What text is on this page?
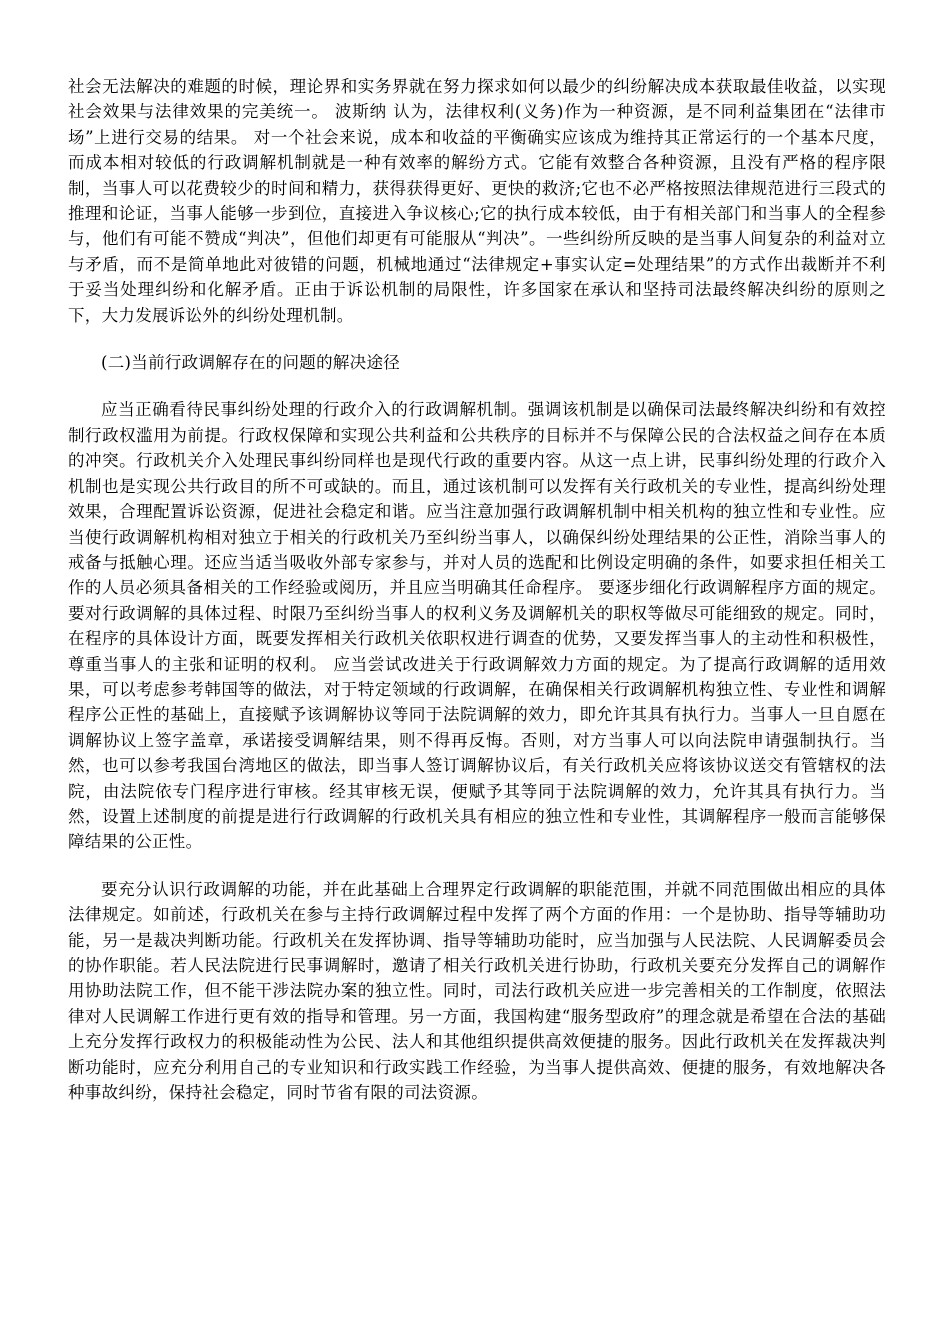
社会无法解决的难题的时候，理论界和实务界就在努力探求如何以最少的纠纷解决成本获取最佳收益，以实现社会效果与法律效果的完美统一。 波斯纳 认为，法律权利(义务)作为一种资源，是不同利益集团在“法律市场”上进行交易的结果。 对一个社会来说，成本和收益的平衡确实应该成为维持其正常运行的一个基本尺度，而成本相对较低的行政调解机制就是一种有效率的解纷方式。它能有效整合各种资源，且没有严格的程序限制，当事人可以花费较少的时间和精力，获得获得更好、更快的救济;它也不必严格按照法律规范进行三段式的推理和论证，当事人能够一步到位，直接进入争议核心;它的执行成本较低，由于有相关部门和当事人的全程参与，他们有可能不赞成“判决”，但他们却更有可能服从“判决”。一些纠纷所反映的是当事人间复杂的利益对立与矛盾，而不是简单地此对彼错的问题，机械地通过“法律规定+事实认定=处理结果”的方式作出裁断并不利于妥当处理纠纷和化解矛盾。正由于诉讼机制的局限性，许多国家在承认和坚持司法最终解决纠纷的原则之下，大力发展诉讼外的纠纷处理机制。

(二)当前行政调解存在的问题的解决途径

应当正确看待民事纠纷处理的行政介入的行政调解机制。强调该机制是以确保司法最终解决纠纷和有效控制行政权滥用为前提。行政权保障和实现公共利益和公共秩序的目标并不与保障公民的合法权益之间存在本质的冲突。行政机关介入处理民事纠纷同样也是现代行政的重要内容。从这一点上讲，民事纠纷处理的行政介入机制也是实现公共行政目的所不可或缺的。而且，通过该机制可以发挥有关行政机关的专业性，提高纠纷处理效果，合理配置诉讼资源，促进社会稳定和谐。应当注意加强行政调解机制中相关机构的独立性和专业性。应当使行政调解机构相对独立于相关的行政机关乃至纠纷当事人，以确保纠纷处理结果的公正性，消除当事人的戒备与抵触心理。还应当适当吸收外部专家参与，并对人员的选配和比例设定明确的条件，如要求担任相关工作的人员必须具备相关的工作经验或阅历，并且应当明确其任命程序。 要逐步细化行政调解程序方面的规定。要对行政调解的具体过程、时限乃至纠纷当事人的权利义务及调解机关的职权等做尽可能细致的规定。同时，在程序的具体设计方面，既要发挥相关行政机关依职权进行调查的优势，又要发挥当事人的主动性和积极性，尊重当事人的主张和证明的权利。 应当尝试改进关于行政调解效力方面的规定。为了提高行政调解的适用效果，可以考虑参考韩国等的做法，对于特定领域的行政调解，在确保相关行政调解机构独立性、专业性和调解程序公正性的基础上，直接赋予该调解协议等同于法院调解的效力，即允许其具有执行力。当事人一旦自愿在调解协议上签字盖章，承诺接受调解结果，则不得再反悔。否则，对方当事人可以向法院申请强制执行。当然，也可以参考我国台湾地区的做法，即当事人签订调解协议后，有关行政机关应将该协议送交有管辖权的法院，由法院依专门程序进行审核。经其审核无误，便赋予其等同于法院调解的效力，允许其具有执行力。当然，设置上述制度的前提是进行行政调解的行政机关具有相应的独立性和专业性，其调解程序一般而言能够保障结果的公正性。

要充分认识行政调解的功能，并在此基础上合理界定行政调解的职能范围，并就不同范围做出相应的具体法律规定。如前述，行政机关在参与主持行政调解过程中发挥了两个方面的作用：一个是协助、指导等辅助功能，另一是裁决判断功能。行政机关在发挥协调、指导等辅助功能时，应当加强与人民法院、人民调解委员会的协作职能。若人民法院进行民事调解时，邀请了相关行政机关进行协助，行政机关要充分发挥自己的调解作用协助法院工作，但不能干涉法院办案的独立性。同时，司法行政机关应进一步完善相关的工作制度，依照法律对人民调解工作进行更有效的指导和管理。另一方面，我国构建“服务型政府”的理念就是希望在合法的基础上充分发挥行政权力的积极能动性为公民、法人和其他组织提供高效便捷的服务。因此行政机关在发挥裁决判断功能时，应充分利用自己的专业知识和行政实践工作经验，为当事人提供高效、便捷的服务，有效地解决各种事故纠纷，保持社会稳定，同时节省有限的司法资源。
